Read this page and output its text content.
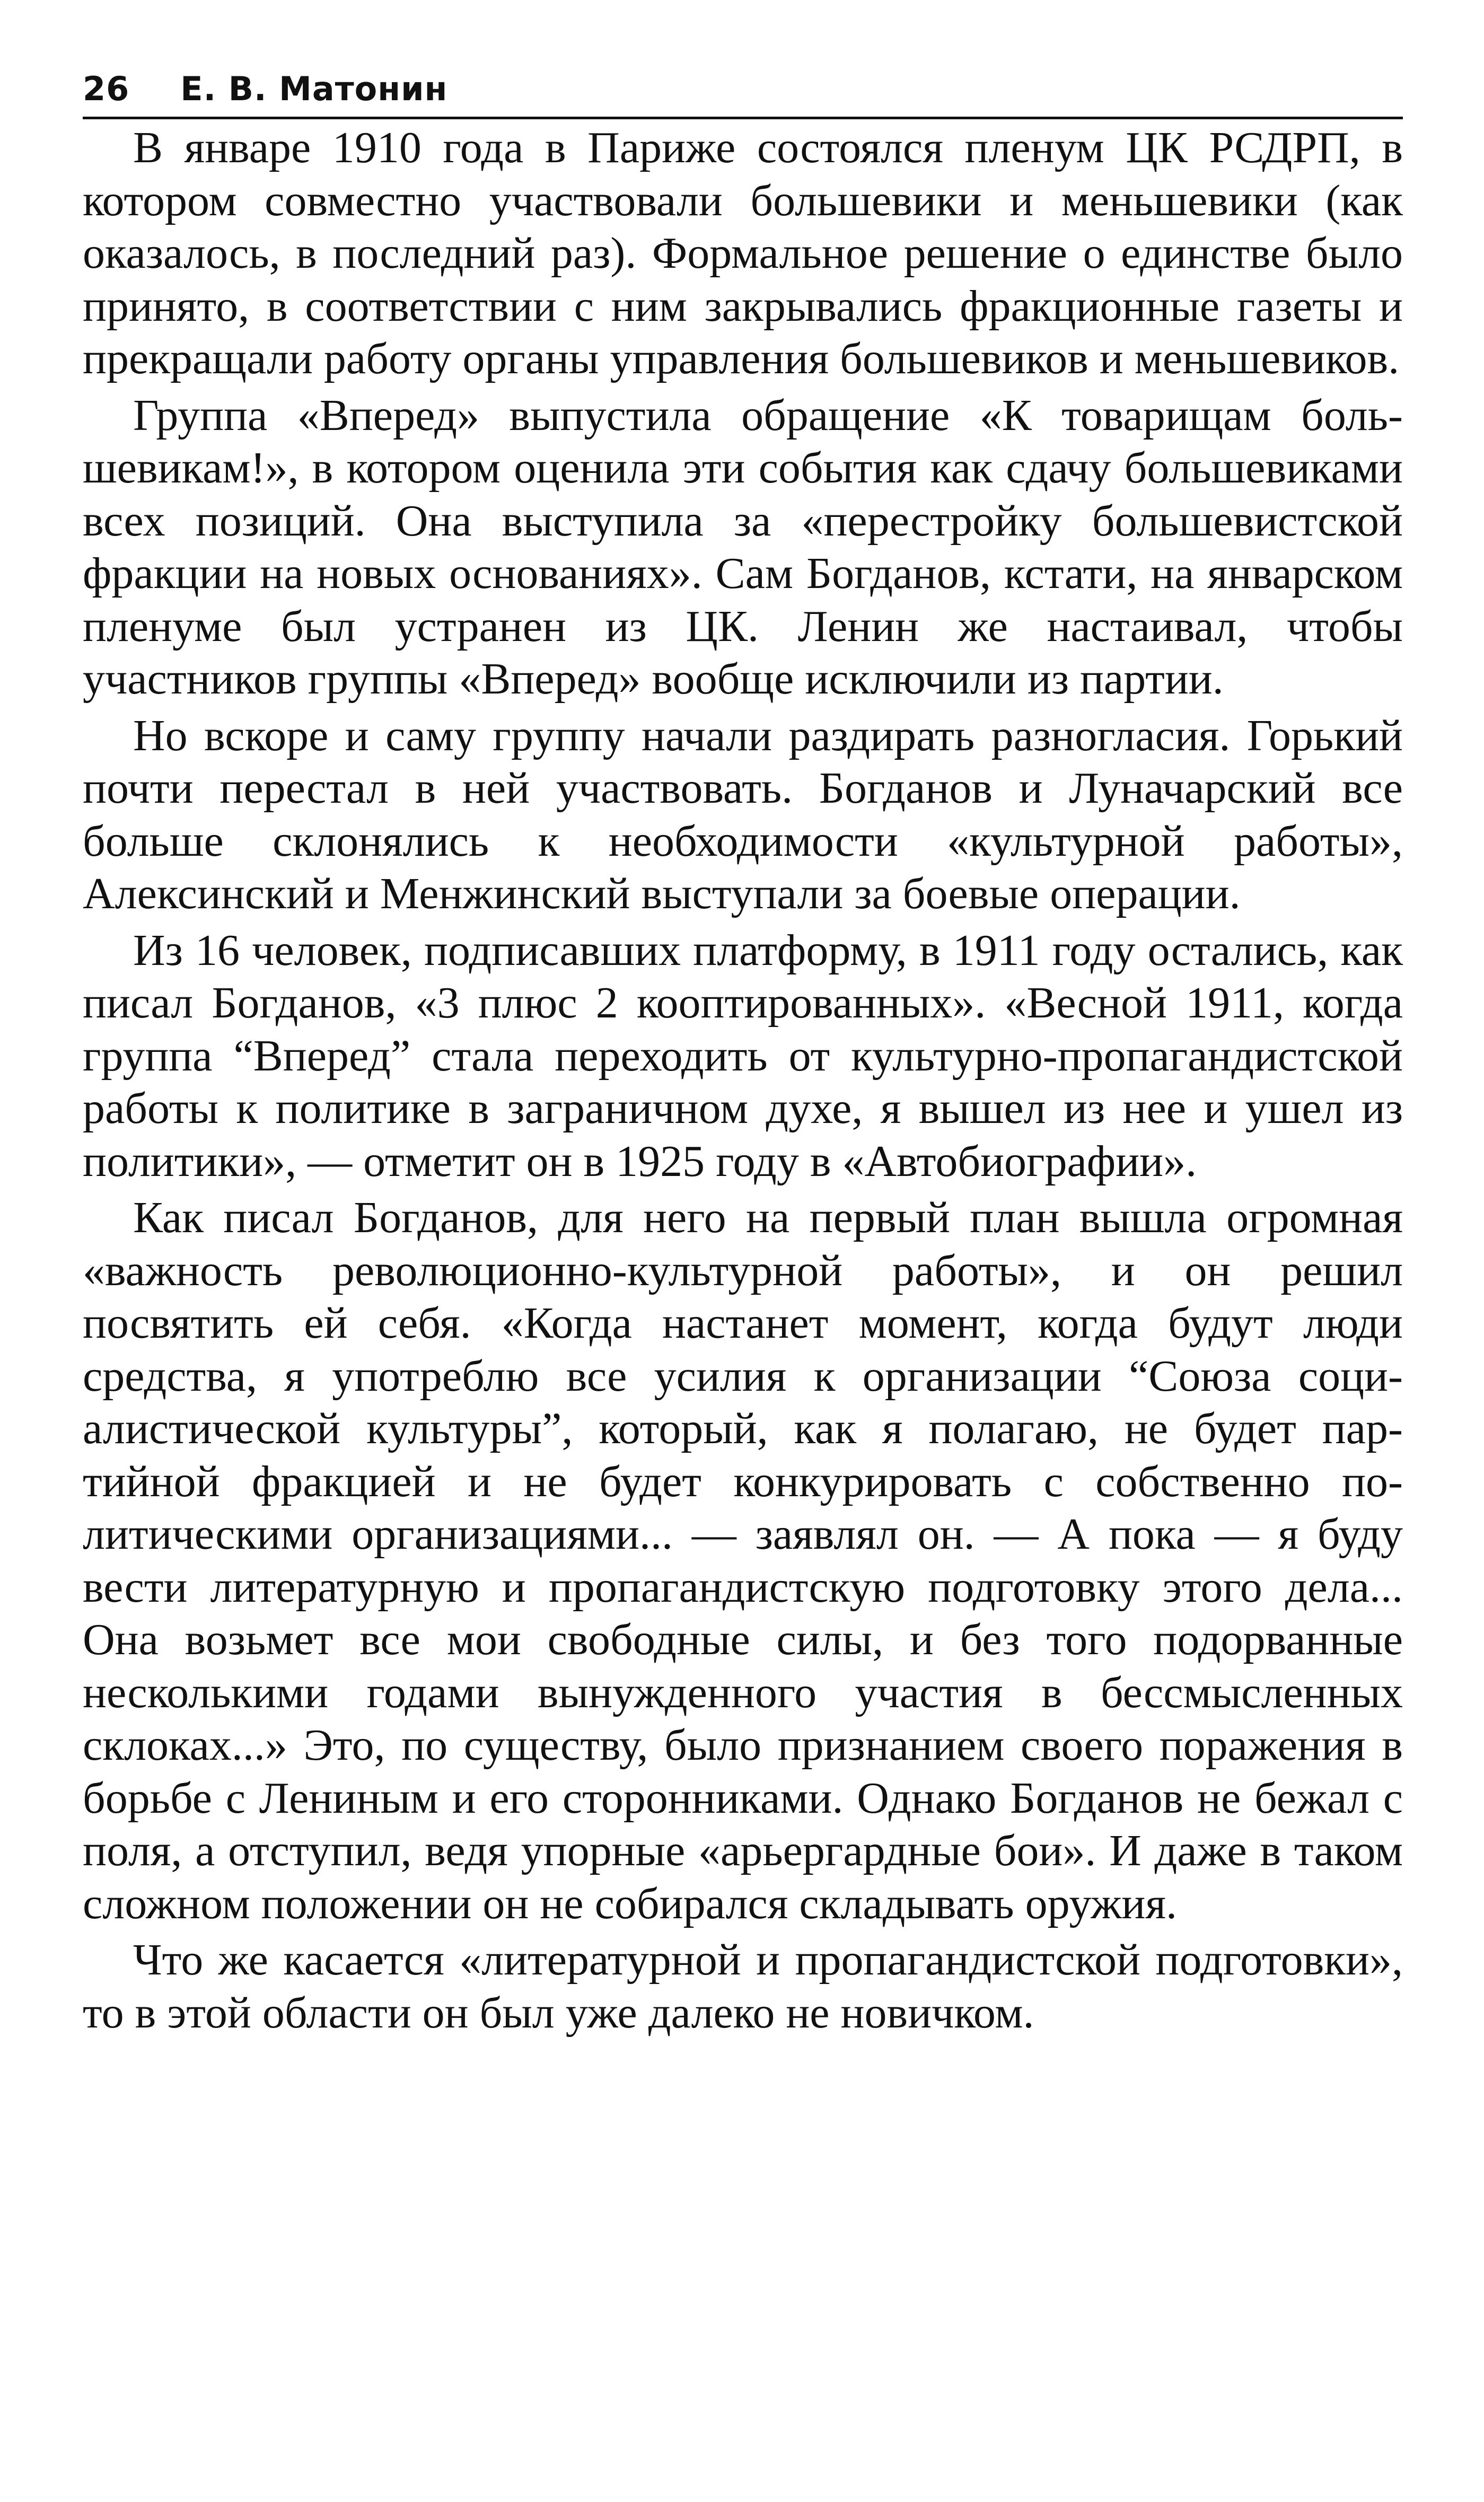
26 Е. В. Матонин

В январе 1910 года в Париже состоялся пленум ЦК РСДРП, в котором совместно участвовали большевики и меньшевики (как оказалось, в последний раз). Формальное решение о единстве было принято, в соответствии с ним закрывались фракционные газеты и прекращали работу органы управления большевиков и меньшевиков.

Группа «Вперед» выпустила обращение «К товарищам большевикам!», в котором оценила эти события как сдачу большевиками всех позиций. Она выступила за «перестройку большевистской фракции на новых основаниях». Сам Богданов, кстати, на январском пленуме был устранен из ЦК. Ленин же настаивал, чтобы участников группы «Вперед» вообще исключили из партии.

Но вскоре и саму группу начали раздирать разногласия. Горький почти перестал в ней участвовать. Богданов и Луначарский все больше склонялись к необходимости «культурной работы», Алексинский и Менжинский выступали за боевые операции.

Из 16 человек, подписавших платформу, в 1911 году остались, как писал Богданов, «3 плюс 2 кооптированных». «Весной 1911, когда группа “Вперед” стала переходить от культурно-пропагандистской работы к политике в заграничном духе, я вышел из нее и ушел из политики», — отметит он в 1925 году в «Автобиографии».

Как писал Богданов, для него на первый план вышла огромная «важность революционно-культурной работы», и он решил посвятить ей себя. «Когда настанет момент, когда будут люди средства, я употреблю все усилия к организации “Союза социалистической культуры”, который, как я полагаю, не будет партийной фракцией и не будет конкурировать с собственно политическими организациями... — заявлял он. — А пока — я буду вести литературную и пропагандистскую подготовку этого дела... Она возьмет все мои свободные силы, и без того подорванные несколькими годами вынужденного участия в бессмысленных склоках...» Это, по существу, было признанием своего поражения в борьбе с Лениным и его сторонниками. Однако Богданов не бежал с поля, а отступил, ведя упорные «арьергардные бои». И даже в таком сложном положении он не собирался складывать оружия.

Что же касается «литературной и пропагандистской подготовки», то в этой области он был уже далеко не новичком.
